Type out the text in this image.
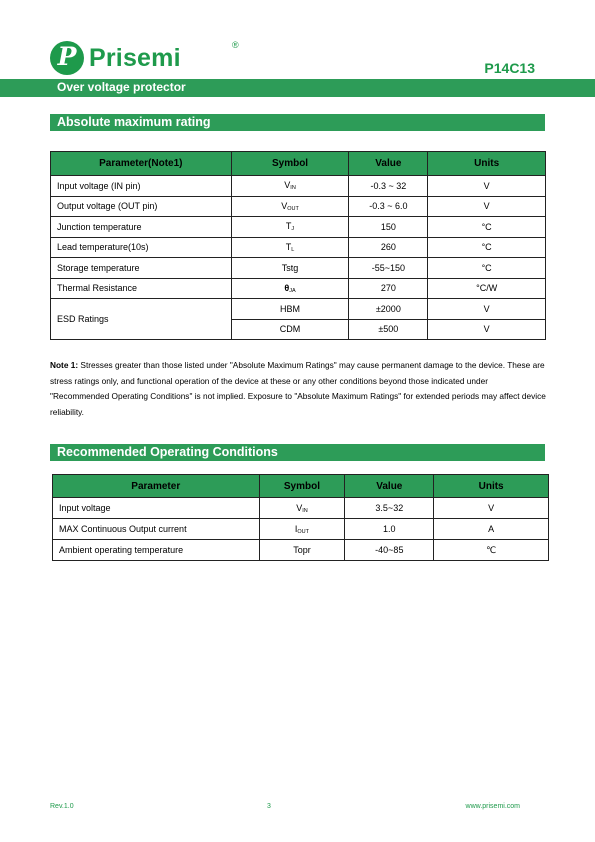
P Prisemi	®
P14C13
Over voltage protector
Absolute maximum rating
Parameter(Note1)	Symbol	Value	Units
Input voltage (IN pin)	$V_{IN}$	-0.3 ~ 32	V
Output voltage (OUT pin)	$V_{OUT}$	-0.3 ~ 6.0	V
Junction temperature	$T_J$	150	°C
Lead temperature(10s)	$T_L$	260	°C
Storage temperature	Tstg	-55~150	°C
Thermal Resistance	$\theta_{JA}$	270	°C/W
ESD Ratings	HBM	±2000	V
	CDM	±500	V
Note 1: Stresses greater than those listed under "Absolute Maximum Ratings" may cause permanent damage to the device. These are stress ratings only, and functional operation of the device at these or any other conditions beyond those indicated under "Recommended Operating Conditions" is not implied. Exposure to "Absolute Maximum Ratings" for extended periods may affect device reliability.
Recommended Operating Conditions
Parameter	Symbol	Value	Units
Input voltage	$V_{IN}$	3.5~32	V
MAX Continuous Output current	$I_{OUT}$	1.0	A
Ambient operating temperature	Topr	-40~85	℃
Rev.1.0	3	www.prisemi.com
